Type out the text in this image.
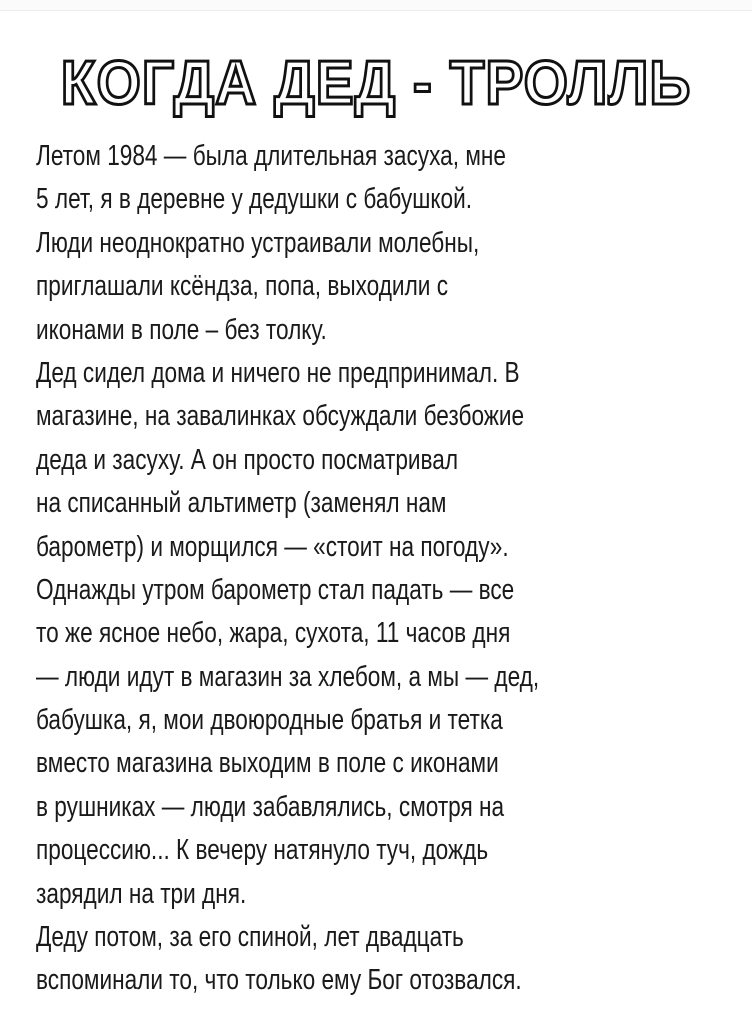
КОГДА ДЕД - ТРОЛЛЬ
Летом 1984 — была длительная засуха, мне
5 лет, я в деревне у дедушки с бабушкой.
Люди неоднократно устраивали молебны,
приглашали ксёндза, попа, выходили с
иконами в поле – без толку.
Дед сидел дома и ничего не предпринимал. В
магазине, на завалинках обсуждали безбожие
деда и засуху. А он просто посматривал
на списанный альтиметр (заменял нам
барометр) и морщился — «стоит на погоду».
Однажды утром барометр стал падать — все
то же ясное небо, жара, сухота, 11 часов дня
— люди идут в магазин за хлебом, а мы — дед,
бабушка, я, мои двоюродные братья и тетка
вместо магазина выходим в поле с иконами
в рушниках — люди забавлялись, смотря на
процессию... К вечеру натянуло туч, дождь
зарядил на три дня.
Деду потом, за его спиной, лет двадцать
вспоминали то, что только ему Бог отозвался.
